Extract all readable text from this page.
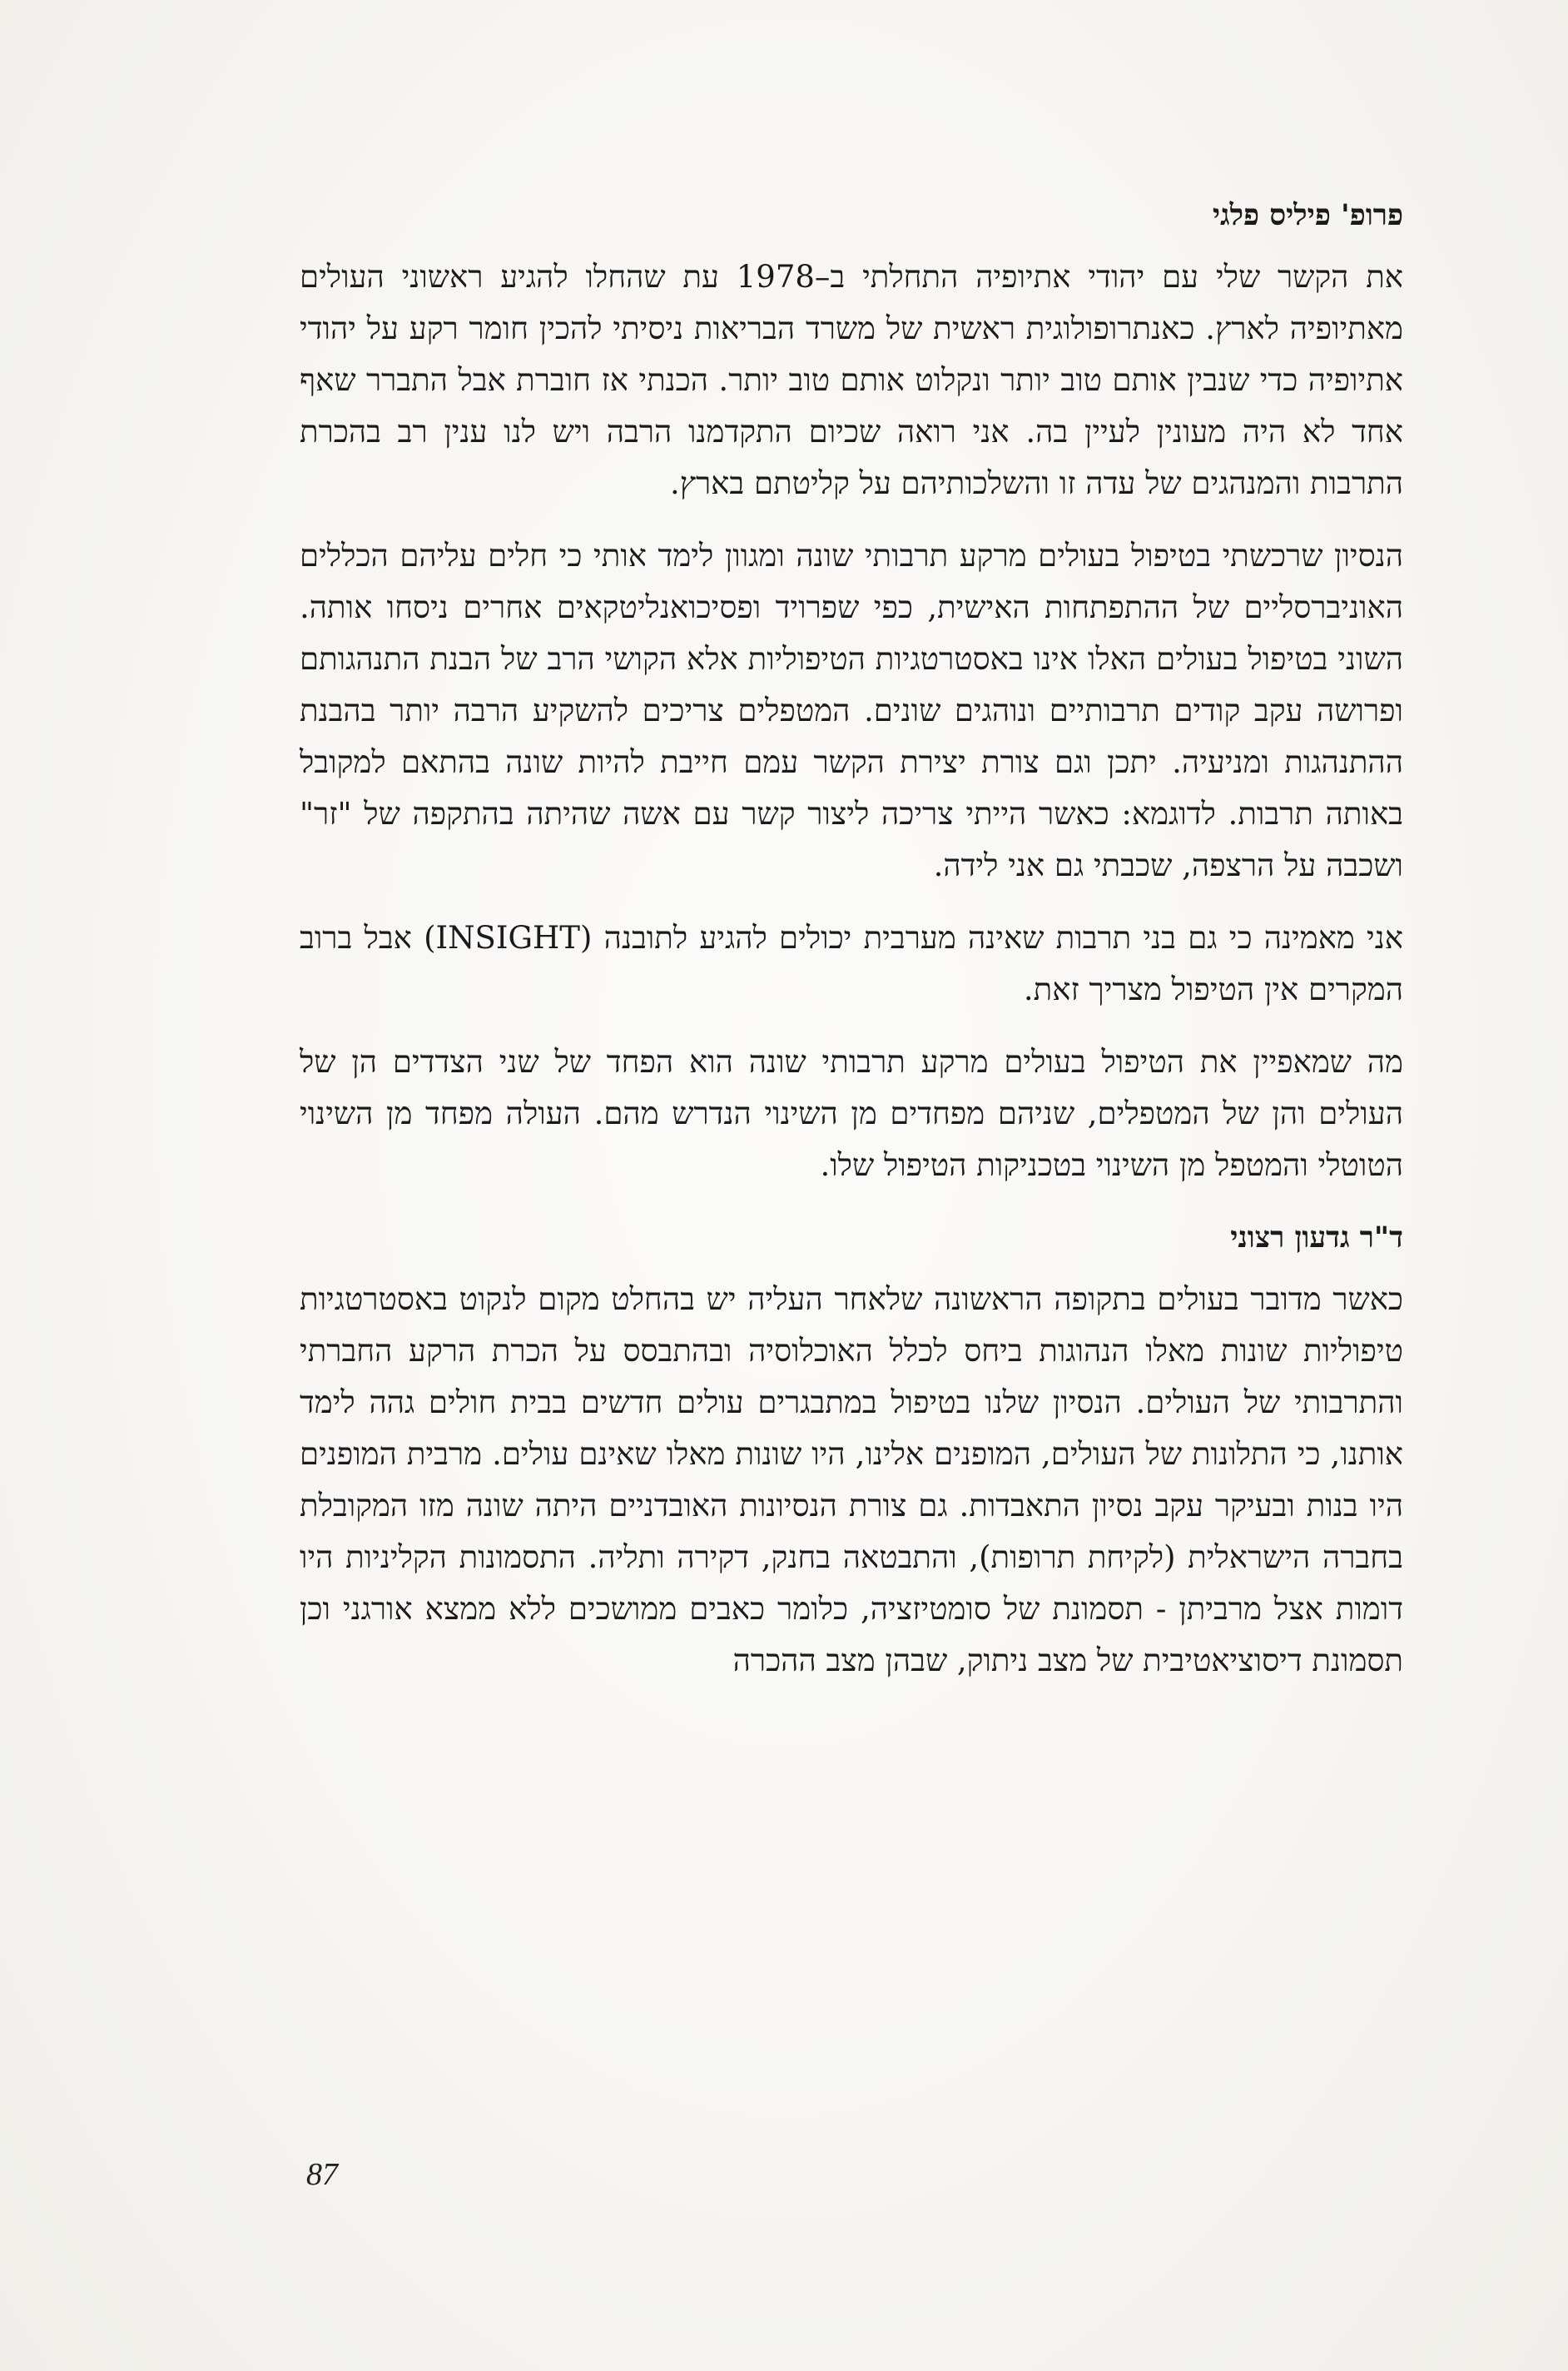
פרופ' פיליס פלגי

את הקשר שלי עם יהודי אתיופיה התחלתי ב–1978 עת שהחלו להגיע ראשוני העולים מאתיופיה לארץ. כאנתרופולוגית ראשית של משרד הבריאות ניסיתי להכין חומר רקע על יהודי אתיופיה כדי שנבין אותם טוב יותר ונקלוט אותם טוב יותר. הכנתי אז חוברת אבל התברר שאף אחד לא היה מעונין לעיין בה. אני רואה שכיום התקדמנו הרבה ויש לנו ענין רב בהכרת התרבות והמנהגים של עדה זו והשלכותיהם על קליטתם בארץ.

הנסיון שרכשתי בטיפול בעולים מרקע תרבותי שונה ומגוון לימד אותי כי חלים עליהם הכללים האוניברסליים של ההתפתחות האישית, כפי שפרויד ופסיכואנליטקאים אחרים ניסחו אותה. השוני בטיפול בעולים האלו אינו באסטרטגיות הטיפוליות אלא הקושי הרב של הבנת התנהגותם ופרושה עקב קודים תרבותיים ונוהגים שונים. המטפלים צריכים להשקיע הרבה יותר בהבנת ההתנהגות ומניעיה. יתכן וגם צורת יצירת הקשר עמם חייבת להיות שונה בהתאם למקובל באותה תרבות. לדוגמא: כאשר הייתי צריכה ליצור קשר עם אשה שהיתה בהתקפה של "זר" ושכבה על הרצפה, שכבתי גם אני לידה.

אני מאמינה כי גם בני תרבות שאינה מערבית יכולים להגיע לתובנה (INSIGHT) אבל ברוב המקרים אין הטיפול מצריך זאת.

מה שמאפיין את הטיפול בעולים מרקע תרבותי שונה הוא הפחד של שני הצדדים הן של העולים והן של המטפלים, שניהם מפחדים מן השינוי הנדרש מהם. העולה מפחד מן השינוי הטוטלי והמטפל מן השינוי בטכניקות הטיפול שלו.

ד"ר גדעון רצוני

כאשר מדובר בעולים בתקופה הראשונה שלאחר העליה יש בהחלט מקום לנקוט באסטרטגיות טיפוליות שונות מאלו הנהוגות ביחס לכלל האוכלוסיה ובהתבסס על הכרת הרקע החברתי והתרבותי של העולים. הנסיון שלנו בטיפול במתבגרים עולים חדשים בבית חולים גהה לימד אותנו, כי התלונות של העולים, המופנים אלינו, היו שונות מאלו שאינם עולים. מרבית המופנים היו בנות ובעיקר עקב נסיון התאבדות. גם צורת הנסיונות האובדניים היתה שונה מזו המקובלת בחברה הישראלית (לקיחת תרופות), והתבטאה בחנק, דקירה ותליה. התסמונות הקליניות היו דומות אצל מרביתן - תסמונת של סומטיזציה, כלומר כאבים ממושכים ללא ממצא אורגני וכן תסמונת דיסוציאטיבית של מצב ניתוק, שבהן מצב ההכרה

87
